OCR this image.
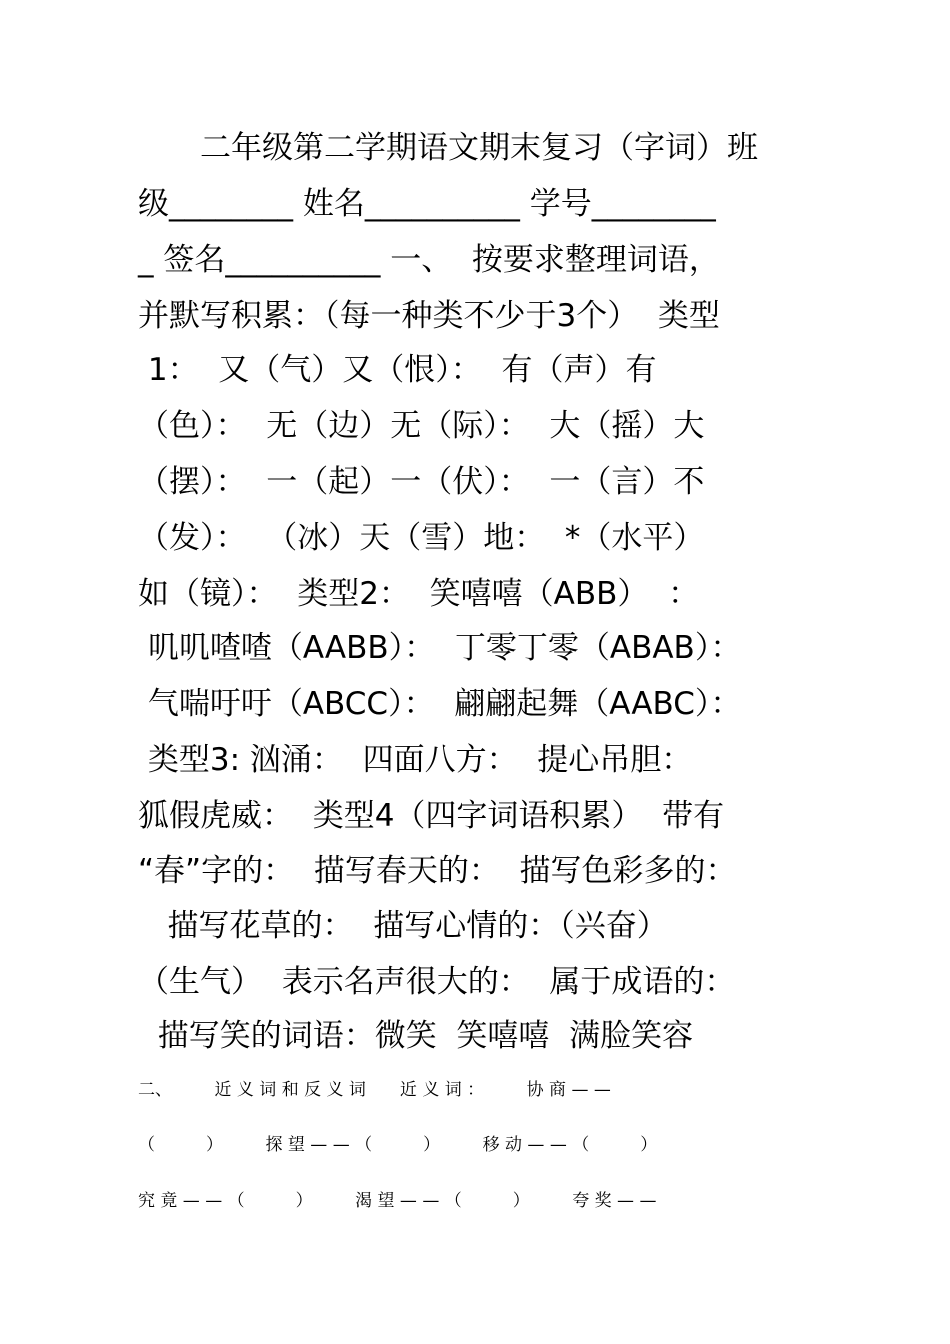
　　二年级第二学期语文期末复习（字词）班
级________ 姓名__________ 学号________
_ 签名__________ 一、  按要求整理词语，
并默写积累：（每一种类不少于3个）  类型
1：  又（气）又（恨）：  有（声）有
（色）：  无（边）无（际）：  大（摇）大
（摆）：  一（起）一（伏）：  一（言）不
（发）：  （冰）天（雪）地：  *（水平）
如（镜）：  类型2：  笑嘻嘻（ABB）  ：
叽叽喳喳（AABB）：  丁零丁零（ABAB）：
气喘吁吁（ABCC）：  翩翩起舞（AABC）：
类型3: 汹涌：  四面八方：  提心吊胆：
狐假虎威：  类型4（四字词语积累）  带有
“春”字的：  描写春天的：  描写色彩多的：
描写花草的：  描写心情的：（兴奋）
（生气）  表示名声很大的：  属于成语的：
描写笑的词语：微笑  笑嘻嘻  满脸笑容
二、　　　近 义 词 和 反 义 词　　近 义 词 ：　　　协 商 — —
（　　　）　　　探 望 — — （　　　）　　　移 动 — — （　　　）
究 竟 — — （　　　）　　　渴 望 — — （　　　）　　　夸 奖 — —
